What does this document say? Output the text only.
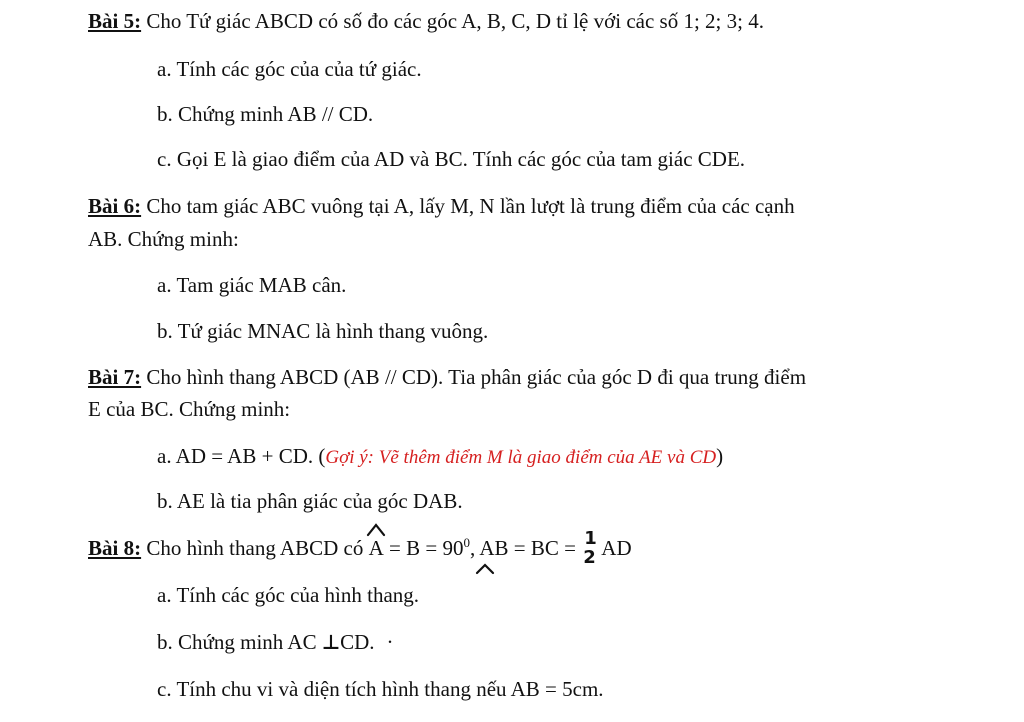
Bài 5: Cho Tứ giác ABCD có số đo các góc A, B, C, D tỉ lệ với các số 1; 2; 3; 4.
a. Tính các góc của của tứ giác.
b. Chứng minh AB // CD.
c. Gọi E là giao điểm của AD và BC. Tính các góc của tam giác CDE.
Bài 6: Cho tam giác ABC vuông tại A, lấy M, N lần lượt là trung điểm của các cạnh
AB. Chứng minh:
a. Tam giác MAB cân.
b. Tứ giác MNAC là hình thang vuông.
Bài 7: Cho hình thang ABCD (AB // CD). Tia phân giác của góc D đi qua trung điểm
E của BC. Chứng minh:
a. AD = AB + CD. (Gợi ý: Vẽ thêm điểm M là giao điểm của AE và CD)
b. AE là tia phân giác của góc DAB.
Bài 8: Cho hình thang ABCD có
$A = B = 90^0$, AB = BC = 1
2 AD
a. Tính các góc của hình thang.
b. Chứng minh AC ⊥CD. ·
c. Tính chu vi và diện tích hình thang nếu AB = 5cm.
